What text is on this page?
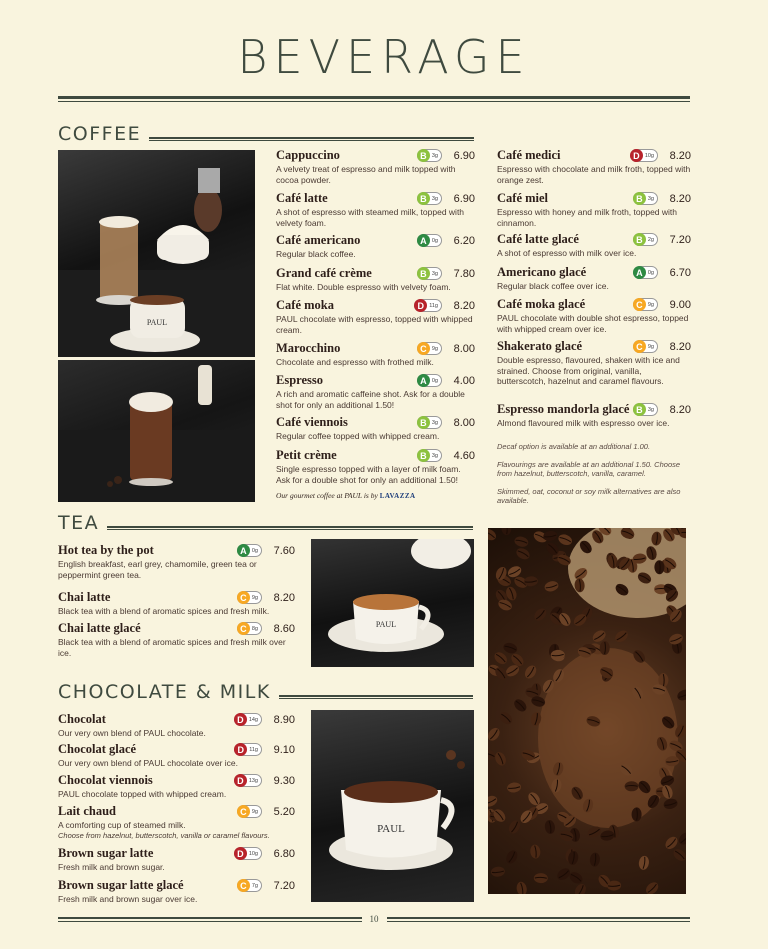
BEVERAGE
COFFEE
PAUL
Cappuccino	B 3g	6.90
A velvety treat of espresso and milk topped with cocoa powder.
Café latte	B 3g	6.90
A shot of espresso with steamed milk, topped with velvety foam.
Café americano	A 0g	6.20
Regular black coffee.
Grand café crème	B 3g	7.80
Flat white. Double espresso with velvety foam.
Café moka	D 11g	8.20
PAUL chocolate with espresso, topped with whipped cream.
Marocchino	C 9g	8.00
Chocolate and espresso with frothed milk.
Espresso	A 0g	4.00
A rich and aromatic caffeine shot. Ask for a double shot for only an additional 1.50!
Café viennois	B 3g	8.00
Regular coffee topped with whipped cream.
Petit crème	B 3g	4.60
Single espresso topped with a layer of milk foam. Ask for a double shot for only an additional 1.50!
Café medici	D 10g	8.20
Espresso with chocolate and milk froth, topped with orange zest.
Café miel	B 3g	8.20
Espresso with honey and milk froth, topped with cinnamon.
Café latte glacé	B 2g	7.20
A shot of espresso with milk over ice.
Americano glacé	A 0g	6.70
Regular black coffee over ice.
Café moka glacé	C 9g	9.00
PAUL chocolate with double shot espresso, topped with whipped cream over ice.
Shakerato glacé	C 9g	8.20
Double espresso, flavoured, shaken with ice and strained. Choose from original, vanilla, butterscotch, hazelnut and caramel flavours.
Espresso mandorla glacé B 3g	8.20
Almond flavoured milk with espresso over ice.

Decaf option is available at an additional 1.00.

Flavourings are available at an additional 1.50. Choose from hazelnut, butterscotch, vanilla, caramel.

Skimmed, oat, coconut or soy milk alternatives are also available.

Our gourmet coffee at PAUL is by LAVAZZA
TEA
Hot tea by the pot	A 0g	7.60
English breakfast, earl grey, chamomile, green tea or peppermint green tea.
Chai latte	C 9g	8.20
Black tea with a blend of aromatic spices and fresh milk.
Chai latte glacé	C 8g	8.60
Black tea with a blend of aromatic spices and fresh milk over ice.
PAUL
CHOCOLATE & MILK
Chocolat	D 14g	8.90
Our very own blend of PAUL chocolate.
Chocolat glacé	D 11g	9.10
Our very own blend of PAUL chocolate over ice.
Chocolat viennois	D 13g	9.30
PAUL chocolate topped with whipped cream.
Lait chaud	C 9g	5.20
A comforting cup of steamed milk.
Choose from hazelnut, butterscotch, vanilla or caramel flavours.
Brown sugar latte	D 10g	6.80
Fresh milk and brown sugar.
Brown sugar latte glacé	C 7g	7.20
Fresh milk and brown sugar over ice.
PAUL
10
